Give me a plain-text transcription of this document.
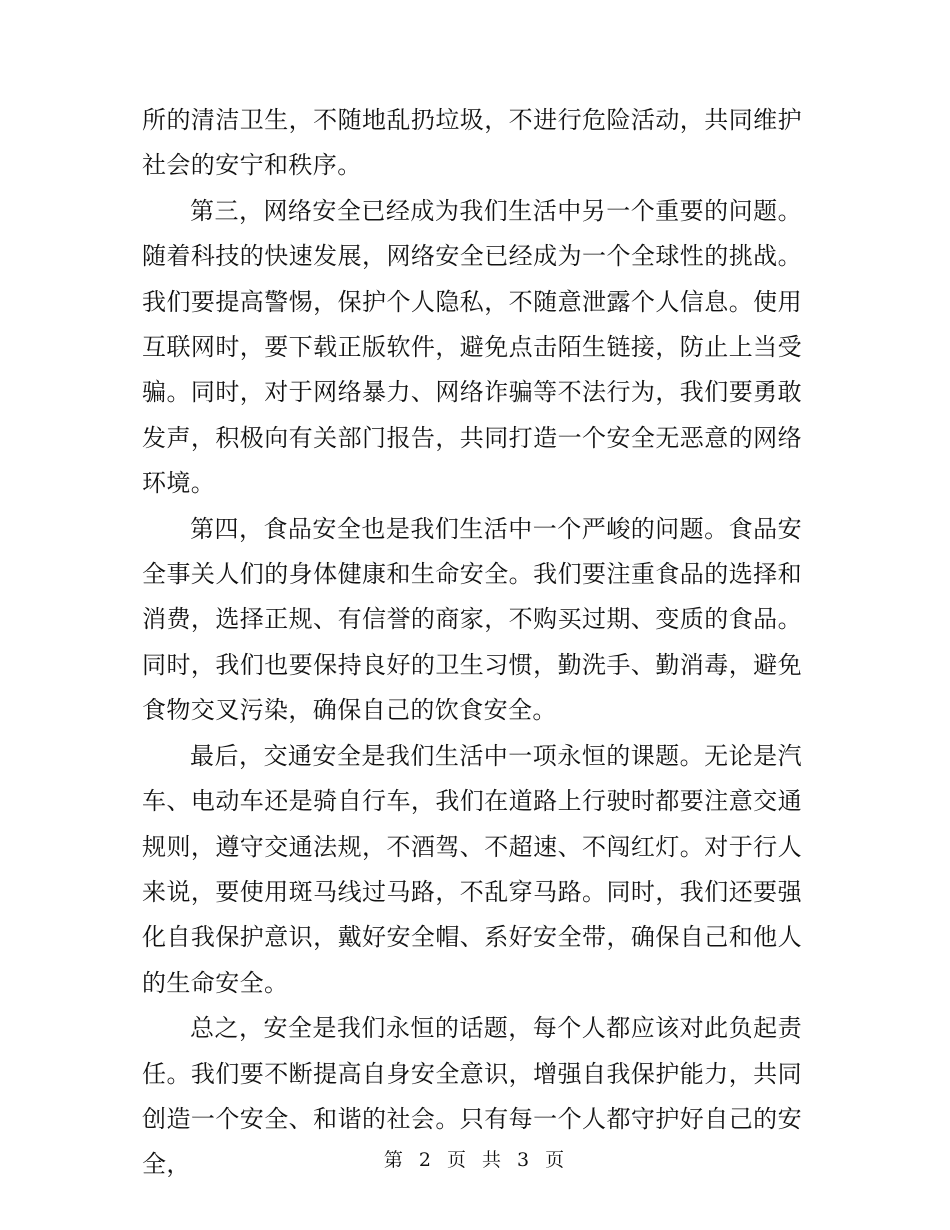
所的清洁卫生，不随地乱扔垃圾，不进行危险活动，共同维护社会的安宁和秩序。

第三，网络安全已经成为我们生活中另一个重要的问题。随着科技的快速发展，网络安全已经成为一个全球性的挑战。我们要提高警惕，保护个人隐私，不随意泄露个人信息。使用互联网时，要下载正版软件，避免点击陌生链接，防止上当受骗。同时，对于网络暴力、网络诈骗等不法行为，我们要勇敢发声，积极向有关部门报告，共同打造一个安全无恶意的网络环境。

第四，食品安全也是我们生活中一个严峻的问题。食品安全事关人们的身体健康和生命安全。我们要注重食品的选择和消费，选择正规、有信誉的商家，不购买过期、变质的食品。同时，我们也要保持良好的卫生习惯，勤洗手、勤消毒，避免食物交叉污染，确保自己的饮食安全。

最后，交通安全是我们生活中一项永恒的课题。无论是汽车、电动车还是骑自行车，我们在道路上行驶时都要注意交通规则，遵守交通法规，不酒驾、不超速、不闯红灯。对于行人来说，要使用斑马线过马路，不乱穿马路。同时，我们还要强化自我保护意识，戴好安全帽、系好安全带，确保自己和他人的生命安全。

总之，安全是我们永恒的话题，每个人都应该对此负起责任。我们要不断提高自身安全意识，增强自我保护能力，共同创造一个安全、和谐的社会。只有每一个人都守护好自己的安全，	第 2 页 共 3 页
